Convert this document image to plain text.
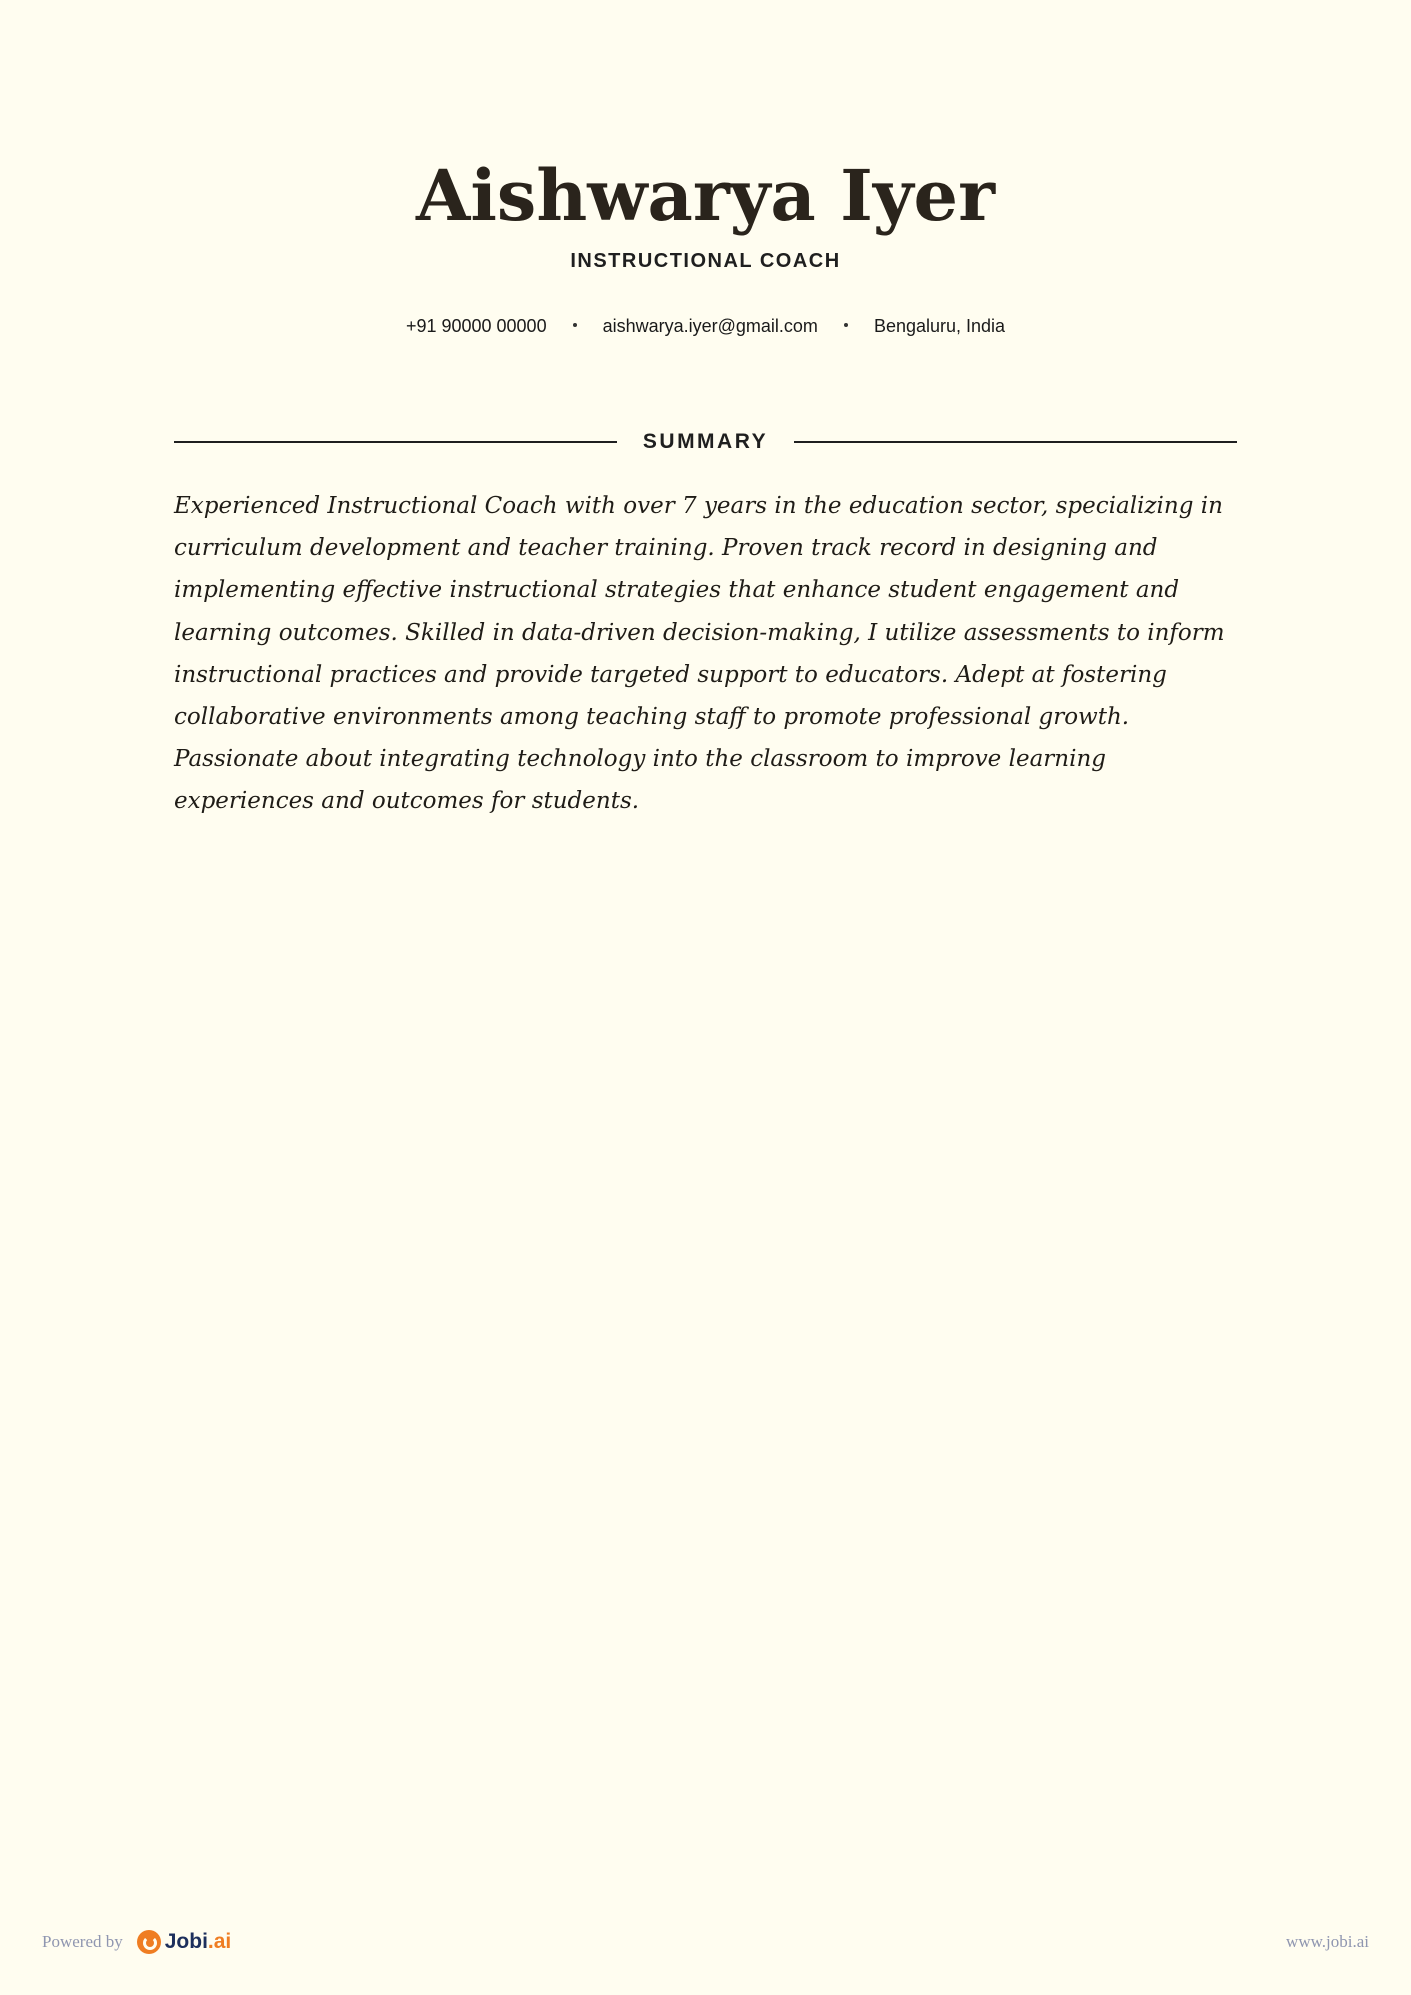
Aishwarya Iyer
INSTRUCTIONAL COACH
+91 90000 00000	aishwarya.iyer@gmail.com	Bengaluru, India
SUMMARY

Experienced Instructional Coach with over 7 years in the education sector, specializing in curriculum development and teacher training. Proven track record in designing and implementing effective instructional strategies that enhance student engagement and learning outcomes. Skilled in data-driven decision-making, I utilize assessments to inform instructional practices and provide targeted support to educators. Adept at fostering collaborative environments among teaching staff to promote professional growth. Passionate about integrating technology into the classroom to improve learning experiences and outcomes for students.

Powered by Jobi.ai	www.jobi.ai
